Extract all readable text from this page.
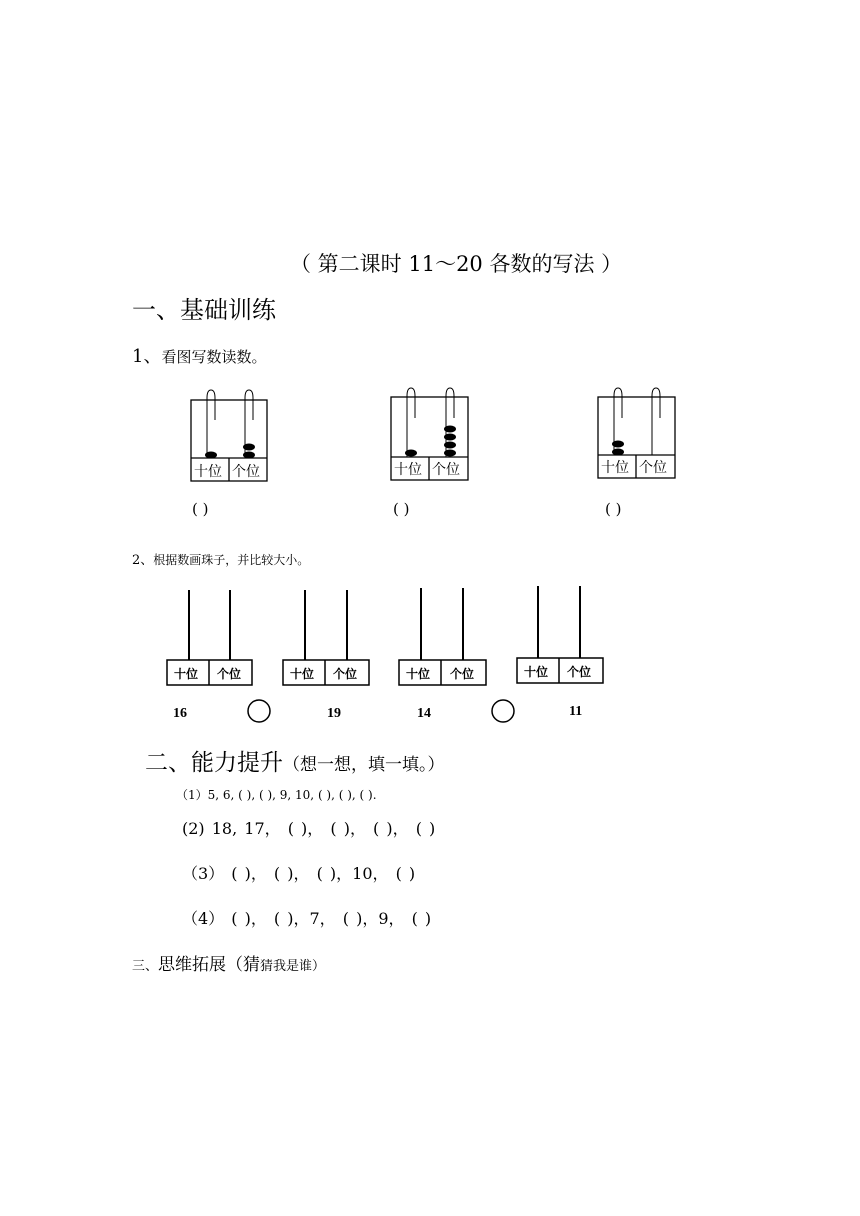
（ 第二课时 11～20 各数的写法 ）
一、基础训练
1、看图写数读数。
十位 个位	十位 个位	十位 个位
( )	( )	( )
十位 个位	十位 个位	十位 个位	十位 个位
16	19	14	11
2、根据数画珠子，并比较大小。
二、能力提升（想一想，填一填。）
（1）5, 6, ( ), ( ), 9, 10, ( ), ( ), ( ).
(2) 18, 17， ( )， ( )， ( )， ( )
（3） ( )， ( )， ( )，10， ( )
（4） ( )， ( )，7， ( )，9， ( )
三、思维拓展（猜猜我是谁）
